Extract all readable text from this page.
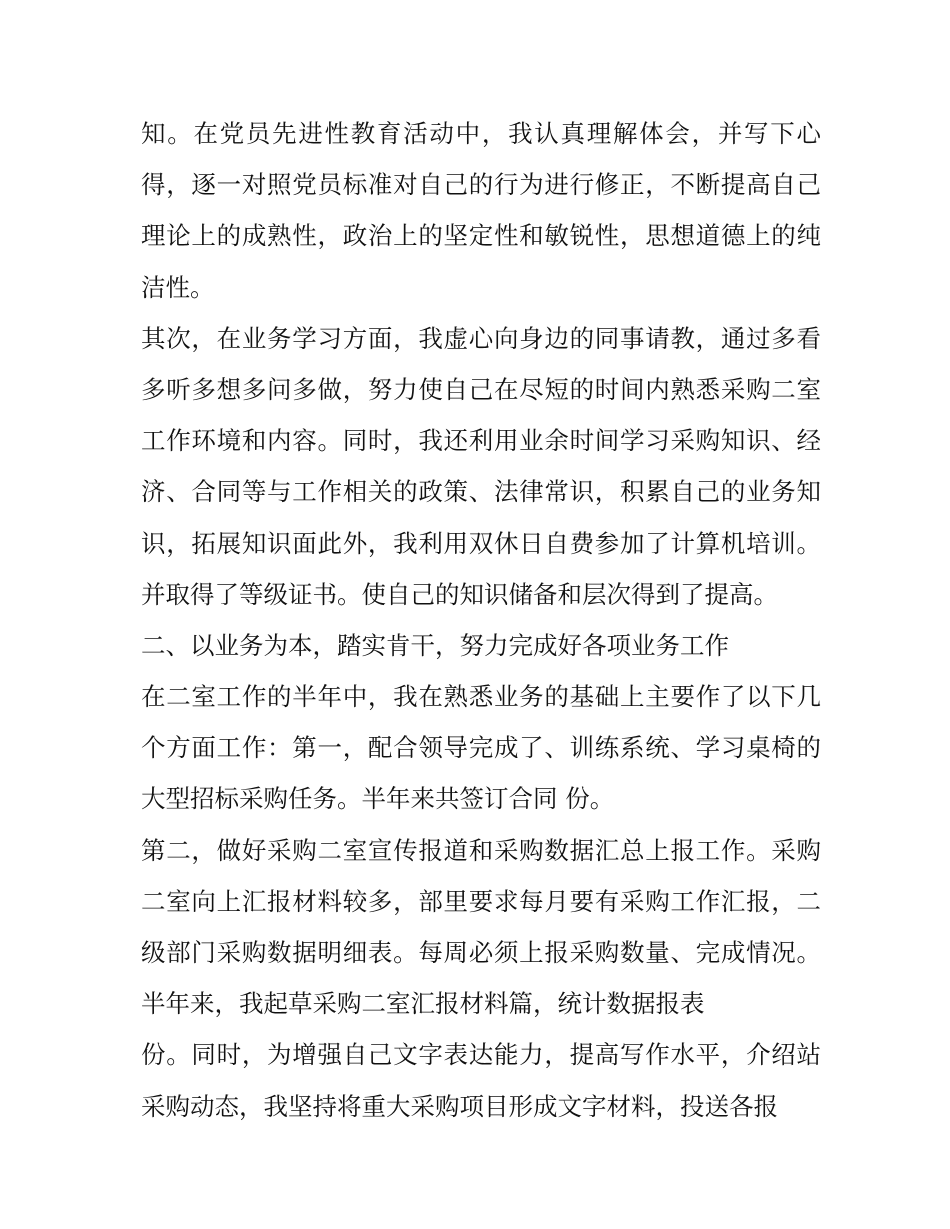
知。在党员先进性教育活动中，我认真理解体会，并写下心
得，逐一对照党员标准对自己的行为进行修正，不断提高自己
理论上的成熟性，政治上的坚定性和敏锐性，思想道德上的纯
洁性。
其次，在业务学习方面，我虚心向身边的同事请教，通过多看
多听多想多问多做，努力使自己在尽短的时间内熟悉采购二室
工作环境和内容。同时，我还利用业余时间学习采购知识、经
济、合同等与工作相关的政策、法律常识，积累自己的业务知
识，拓展知识面此外，我利用双休日自费参加了计算机培训。
并取得了等级证书。使自己的知识储备和层次得到了提高。
二、以业务为本，踏实肯干，努力完成好各项业务工作
在二室工作的半年中，我在熟悉业务的基础上主要作了以下几
个方面工作：第一，配合领导完成了、训练系统、学习桌椅的
大型招标采购任务。半年来共签订合同 份。
第二，做好采购二室宣传报道和采购数据汇总上报工作。采购
二室向上汇报材料较多，部里要求每月要有采购工作汇报，二
级部门采购数据明细表。每周必须上报采购数量、完成情况。
半年来，我起草采购二室汇报材料篇，统计数据报表
份。同时，为增强自己文字表达能力，提高写作水平，介绍站
采购动态，我坚持将重大采购项目形成文字材料，投送各报
